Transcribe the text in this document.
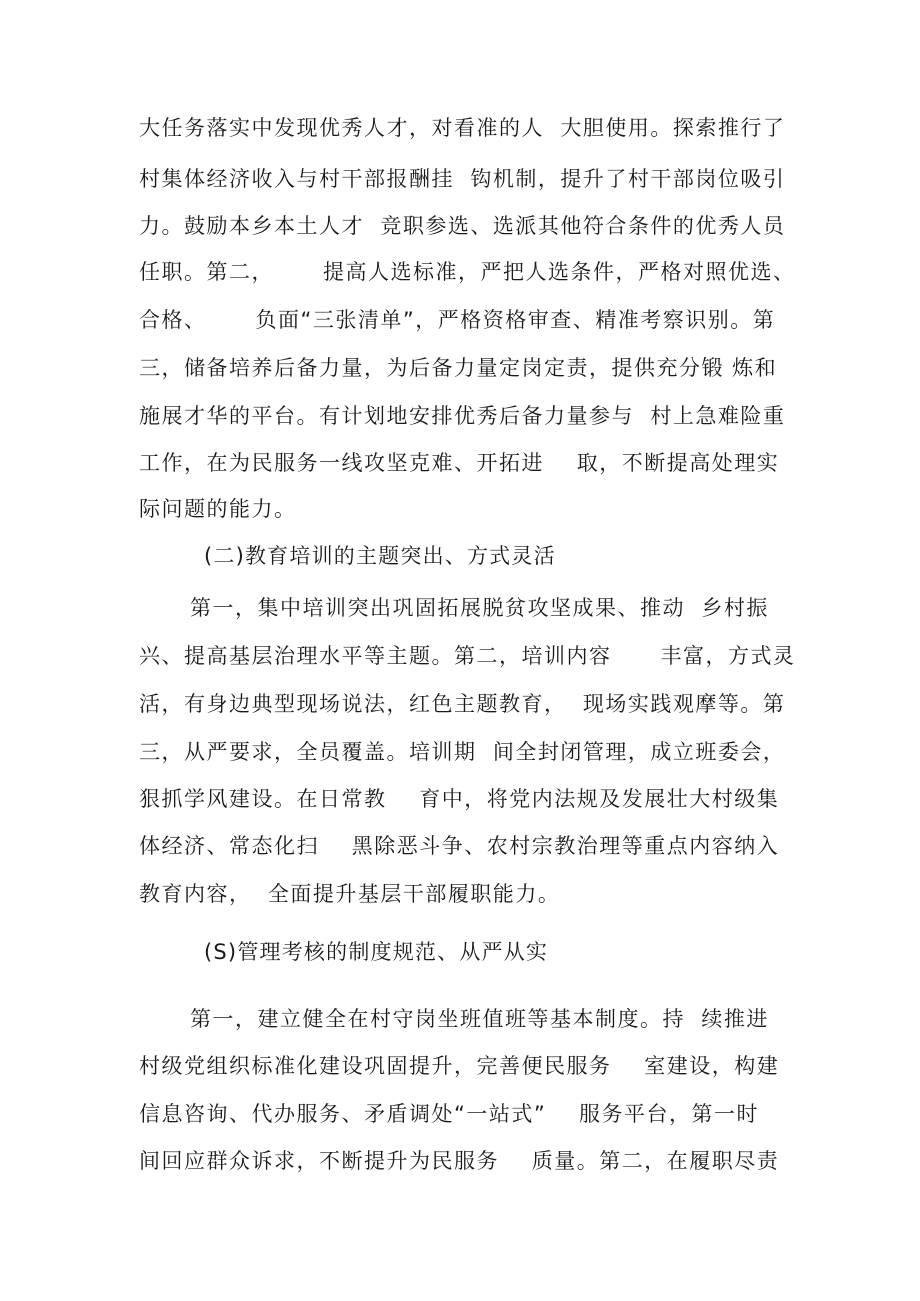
大任务落实中发现优秀人才，对看准的人  大胆使用。探索推行了
村集体经济收入与村干部报酬挂  钩机制，提升了村干部岗位吸引
力。鼓励本乡本土人才  竞职参选、选派其他符合条件的优秀人员
任职。第二，      提高人选标准，严把人选条件，严格对照优选、
合格、      负面“三张清单”，严格资格审查、精准考察识别。第
三，储备培养后备力量，为后备力量定岗定责，提供充分锻 炼和
施展才华的平台。有计划地安排优秀后备力量参与  村上急难险重
工作，在为民服务一线攻坚克难、开拓进    取，不断提高处理实
际问题的能力。
(二)教育培训的主题突出、方式灵活
第一，集中培训突出巩固拓展脱贫攻坚成果、推动  乡村振
兴、提高基层治理水平等主题。第二，培训内容      丰富，方式灵
活，有身边典型现场说法，红色主题教育，  现场实践观摩等。第
三，从严要求，全员覆盖。培训期  间全封闭管理，成立班委会，
狠抓学风建设。在日常教    育中，将党内法规及发展壮大村级集
体经济、常态化扫    黑除恶斗争、农村宗教治理等重点内容纳入
教育内容，  全面提升基层干部履职能力。
(S)管理考核的制度规范、从严从实
第一，建立健全在村守岗坐班值班等基本制度。持  续推进
村级党组织标准化建设巩固提升，完善便民服务    室建设，构建
信息咨询、代办服务、矛盾调处“一站式”    服务平台，第一时
间回应群众诉求，不断提升为民服务    质量。第二，在履职尽责
